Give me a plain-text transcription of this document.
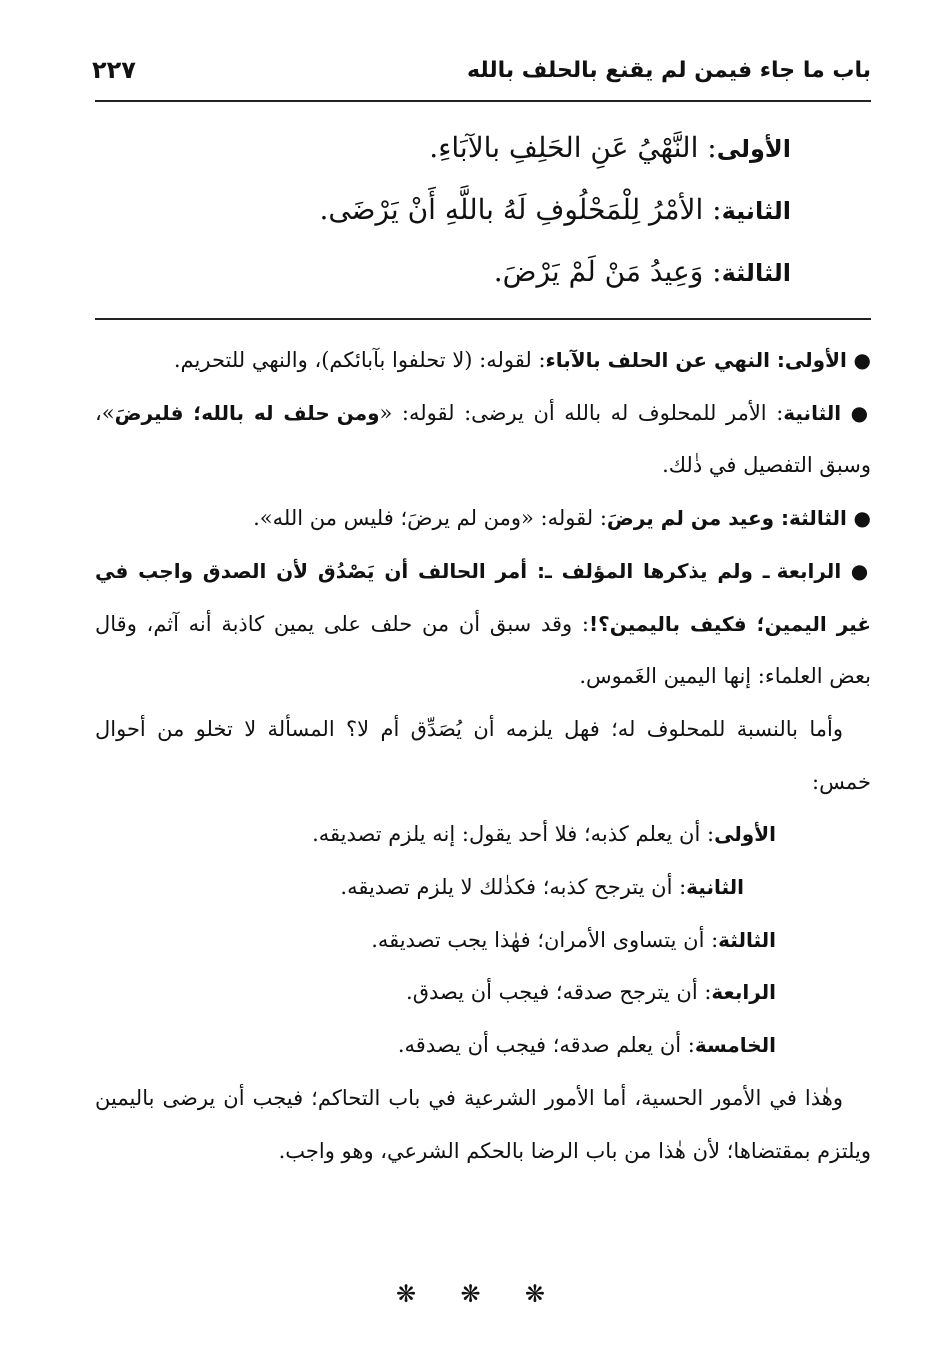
باب ما جاء فيمن لم يقنع بالحلف بالله
٢٢٧
الأولى: النَّهْيُ عَنِ الحَلِفِ بالآبَاءِ.
الثانية: الأمْرُ لِلْمَحْلُوفِ لَهُ باللَّهِ أَنْ يَرْضَى.
الثالثة: وَعِيدُ مَنْ لَمْ يَرْضَ.

● الأولى: النهي عن الحلف بالآباء: لقوله: (لا تحلفوا بآبائكم)، والنهي للتحريم.

● الثانية: الأمر للمحلوف له بالله أن يرضى: لقوله: «ومن حلف له بالله؛ فليرضَ»، وسبق التفصيل في ذٰلك.

● الثالثة: وعيد من لم يرضَ: لقوله: «ومن لم يرضَ؛ فليس من الله».

● الرابعة ـ ولم يذكرها المؤلف ـ: أمر الحالف أن يَصْدُق لأن الصدق واجب في غير اليمين؛ فكيف باليمين؟!: وقد سبق أن من حلف على يمين كاذبة أنه آثم، وقال بعض العلماء: إنها اليمين الغَموس.

وأما بالنسبة للمحلوف له؛ فهل يلزمه أن يُصَدِّق أم لا؟ المسألة لا تخلو من أحوال خمس:

الأولى: أن يعلم كذبه؛ فلا أحد يقول: إنه يلزم تصديقه.
الثانية: أن يترجح كذبه؛ فكذٰلك لا يلزم تصديقه.
الثالثة: أن يتساوى الأمران؛ فهٰذا يجب تصديقه.
الرابعة: أن يترجح صدقه؛ فيجب أن يصدق.
الخامسة: أن يعلم صدقه؛ فيجب أن يصدقه.

وهٰذا في الأمور الحسية، أما الأمور الشرعية في باب التحاكم؛ فيجب أن يرضى باليمين ويلتزم بمقتضاها؛ لأن هٰذا من باب الرضا بالحكم الشرعي، وهو واجب.

❋ ❋ ❋
